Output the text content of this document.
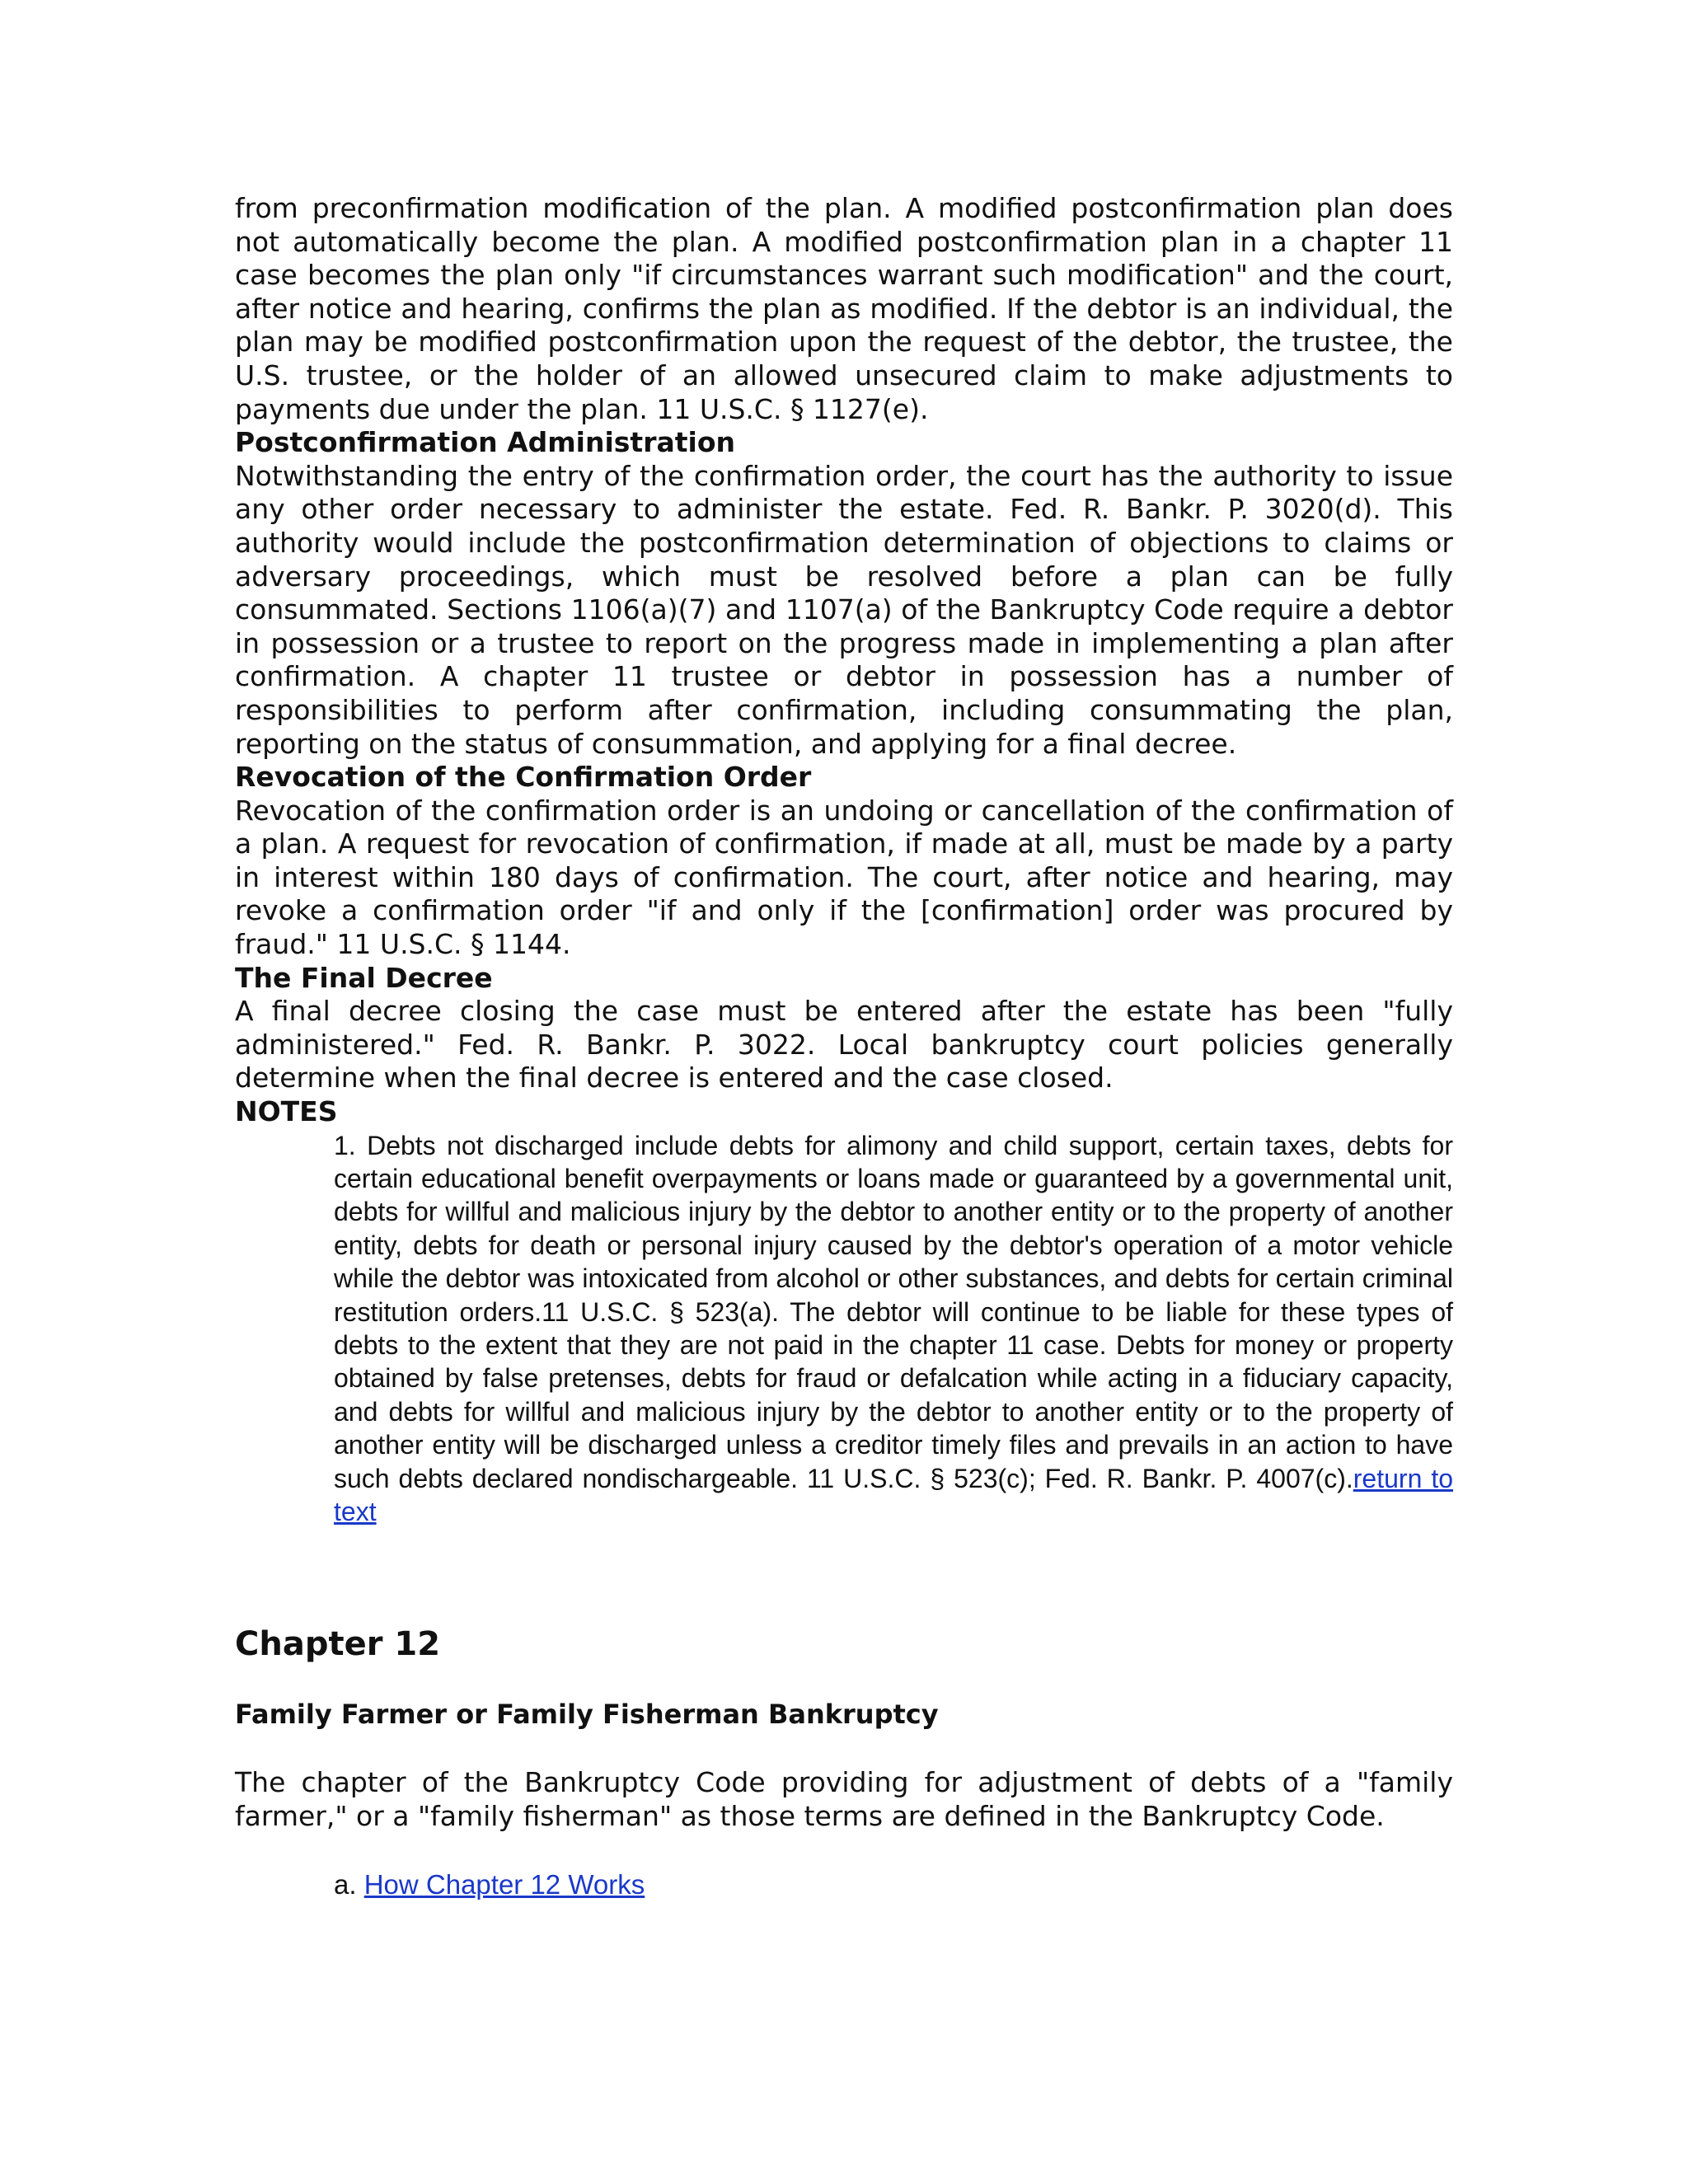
from preconfirmation modification of the plan. A modified postconfirmation plan does not automatically become the plan. A modified postconfirmation plan in a chapter 11 case becomes the plan only "if circumstances warrant such modification" and the court, after notice and hearing, confirms the plan as modified. If the debtor is an individual, the plan may be modified postconfirmation upon the request of the debtor, the trustee, the U.S. trustee, or the holder of an allowed unsecured claim to make adjustments to payments due under the plan. 11 U.S.C. § 1127(e).

Postconfirmation Administration

Notwithstanding the entry of the confirmation order, the court has the authority to issue any other order necessary to administer the estate. Fed. R. Bankr. P. 3020(d). This authority would include the postconfirmation determination of objections to claims or adversary proceedings, which must be resolved before a plan can be fully consummated. Sections 1106(a)(7) and 1107(a) of the Bankruptcy Code require a debtor in possession or a trustee to report on the progress made in implementing a plan after confirmation. A chapter 11 trustee or debtor in possession has a number of responsibilities to perform after confirmation, including consummating the plan, reporting on the status of consummation, and applying for a final decree.

Revocation of the Confirmation Order

Revocation of the confirmation order is an undoing or cancellation of the confirmation of a plan. A request for revocation of confirmation, if made at all, must be made by a party in interest within 180 days of confirmation. The court, after notice and hearing, may revoke a confirmation order "if and only if the [confirmation] order was procured by fraud." 11 U.S.C. § 1144.

The Final Decree

A final decree closing the case must be entered after the estate has been "fully administered." Fed. R. Bankr. P. 3022. Local bankruptcy court policies generally determine when the final decree is entered and the case closed.

NOTES

1. Debts not discharged include debts for alimony and child support, certain taxes, debts for certain educational benefit overpayments or loans made or guaranteed by a governmental unit, debts for willful and malicious injury by the debtor to another entity or to the property of another entity, debts for death or personal injury caused by the debtor's operation of a motor vehicle while the debtor was intoxicated from alcohol or other substances, and debts for certain criminal restitution orders.11 U.S.C. § 523(a). The debtor will continue to be liable for these types of debts to the extent that they are not paid in the chapter 11 case. Debts for money or property obtained by false pretenses, debts for fraud or defalcation while acting in a fiduciary capacity, and debts for willful and malicious injury by the debtor to another entity or to the property of another entity will be discharged unless a creditor timely files and prevails in an action to have such debts declared nondischargeable. 11 U.S.C. § 523(c); Fed. R. Bankr. P. 4007(c).return to text

Chapter 12
Family Farmer or Family Fisherman Bankruptcy

The chapter of the Bankruptcy Code providing for adjustment of debts of a "family farmer," or a "family fisherman" as those terms are defined in the Bankruptcy Code.

a. How Chapter 12 Works
